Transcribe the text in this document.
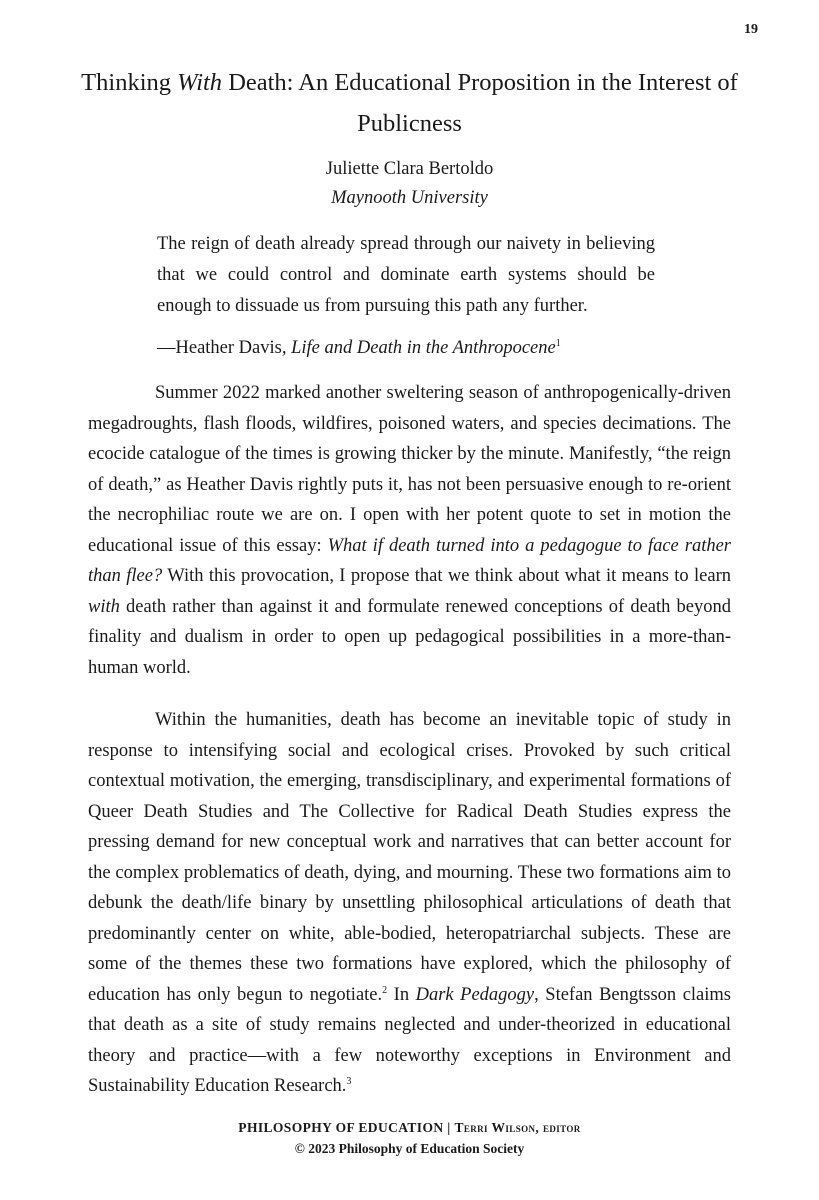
19
Thinking With Death: An Educational Proposition in the Interest of Publicness
Juliette Clara Bertoldo
Maynooth University
The reign of death already spread through our naivety in believing that we could control and dominate earth systems should be enough to dissuade us from pursuing this path any further.
—Heather Davis, Life and Death in the Anthropocene$^1$

Summer 2022 marked another sweltering season of anthropogenically-driven megadroughts, flash floods, wildfires, poisoned waters, and species decimations. The ecocide catalogue of the times is growing thicker by the minute. Manifestly, “the reign of death,” as Heather Davis rightly puts it, has not been persuasive enough to re-orient the necrophiliac route we are on. I open with her potent quote to set in motion the educational issue of this essay: What if death turned into a pedagogue to face rather than flee? With this provocation, I propose that we think about what it means to learn with death rather than against it and formulate renewed conceptions of death beyond finality and dualism in order to open up pedagogical possibilities in a more-than-human world.

Within the humanities, death has become an inevitable topic of study in response to intensifying social and ecological crises. Provoked by such critical contextual motivation, the emerging, transdisciplinary, and experimental formations of Queer Death Studies and The Collective for Radical Death Studies express the pressing demand for new conceptual work and narratives that can better account for the complex problematics of death, dying, and mourning. These two formations aim to debunk the death/life binary by unsettling philosophical articulations of death that predominantly center on white, able-bodied, heteropatriarchal subjects. These are some of the themes these two formations have explored, which the philosophy of education has only begun to negotiate.$^2$ In Dark Pedagogy, Stefan Bengtsson claims that death as a site of study remains neglected and under-theorized in educational theory and practice—with a few noteworthy exceptions in Environment and Sustainability Education Research.$^3$

PHILOSOPHY OF EDUCATION | Terri Wilson, editor
© 2023 Philosophy of Education Society
